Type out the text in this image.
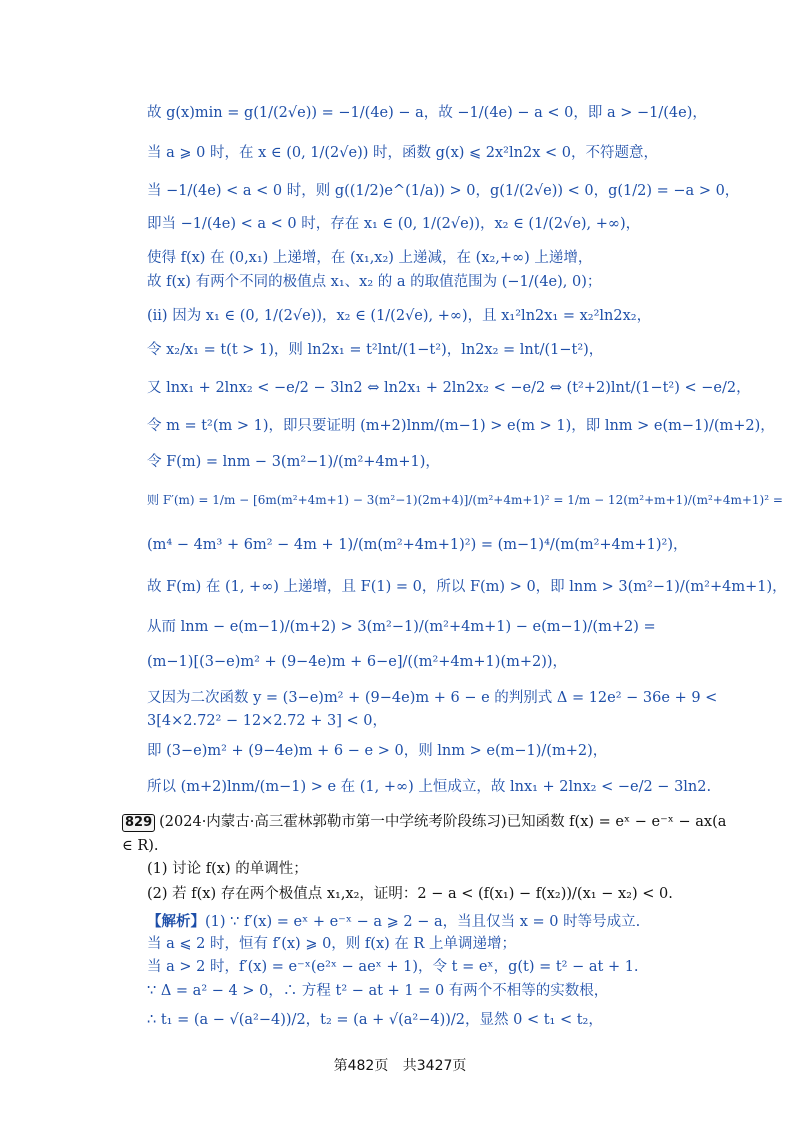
故 g(x)min = g(1/(2√e)) = −1/(4e) − a，故 −1/(4e) − a < 0，即 a > −1/(4e)，
当 a ⩾ 0 时，在 x ∈ (0, 1/(2√e)) 时，函数 g(x) ⩽ 2x²ln2x < 0，不符题意，
当 −1/(4e) < a < 0 时，则 g((1/2)e^(1/a)) > 0，g(1/(2√e)) < 0，g(1/2) = −a > 0，
即当 −1/(4e) < a < 0 时，存在 x₁ ∈ (0, 1/(2√e))，x₂ ∈ (1/(2√e), +∞)，
使得 f(x) 在 (0,x₁) 上递增，在 (x₁,x₂) 上递减，在 (x₂,+∞) 上递增，
故 f(x) 有两个不同的极值点 x₁、x₂ 的 a 的取值范围为 (−1/(4e), 0)；
(ii) 因为 x₁ ∈ (0, 1/(2√e))，x₂ ∈ (1/(2√e), +∞)，且 x₁²ln2x₁ = x₂²ln2x₂，
令 x₂/x₁ = t(t > 1)，则 ln2x₁ = t²lnt/(1−t²)，ln2x₂ = lnt/(1−t²)，
又 lnx₁ + 2lnx₂ < −e/2 − 3ln2 ⇔ ln2x₁ + 2ln2x₂ < −e/2 ⇔ (t²+2)lnt/(1−t²) < −e/2，
令 m = t²(m > 1)，即只要证明 (m+2)lnm/(m−1) > e(m > 1)，即 lnm > e(m−1)/(m+2)，
令 F(m) = lnm − 3(m²−1)/(m²+4m+1)，
则 F′(m) = 1/m − [6m(m²+4m+1) − 3(m²−1)(2m+4)]/(m²+4m+1)² = 1/m − 12(m²+m+1)/(m²+4m+1)² =
(m⁴ − 4m³ + 6m² − 4m + 1)/(m(m²+4m+1)²) = (m−1)⁴/(m(m²+4m+1)²)，
故 F(m) 在 (1, +∞) 上递增，且 F(1) = 0，所以 F(m) > 0，即 lnm > 3(m²−1)/(m²+4m+1)，
从而 lnm − e(m−1)/(m+2) > 3(m²−1)/(m²+4m+1) − e(m−1)/(m+2) =
(m−1)[(3−e)m² + (9−4e)m + 6−e]/((m²+4m+1)(m+2))，
又因为二次函数 y = (3−e)m² + (9−4e)m + 6 − e 的判别式 Δ = 12e² − 36e + 9 <
3[4×2.72² − 12×2.72 + 3] < 0，
即 (3−e)m² + (9−4e)m + 6 − e > 0，则 lnm > e(m−1)/(m+2)，
所以 (m+2)lnm/(m−1) > e 在 (1, +∞) 上恒成立，故 lnx₁ + 2lnx₂ < −e/2 − 3ln2.
829 (2024·内蒙古·高三霍林郭勒市第一中学统考阶段练习)已知函数 f(x) = eˣ − e⁻ˣ − ax(a
∈ R).
(1) 讨论 f(x) 的单调性；
(2) 若 f(x) 存在两个极值点 x₁,x₂，证明：2 − a < (f(x₁) − f(x₂))/(x₁ − x₂) < 0.
【解析】(1) ∵ f′(x) = eˣ + e⁻ˣ − a ⩾ 2 − a，当且仅当 x = 0 时等号成立.
当 a ⩽ 2 时，恒有 f′(x) ⩾ 0，则 f(x) 在 R 上单调递增；
当 a > 2 时，f′(x) = e⁻ˣ(e²ˣ − aeˣ + 1)，令 t = eˣ，g(t) = t² − at + 1.
∵ Δ = a² − 4 > 0，∴ 方程 t² − at + 1 = 0 有两个不相等的实数根，
∴ t₁ = (a − √(a²−4))/2，t₂ = (a + √(a²−4))/2，显然 0 < t₁ < t₂，
第482页 共3427页
